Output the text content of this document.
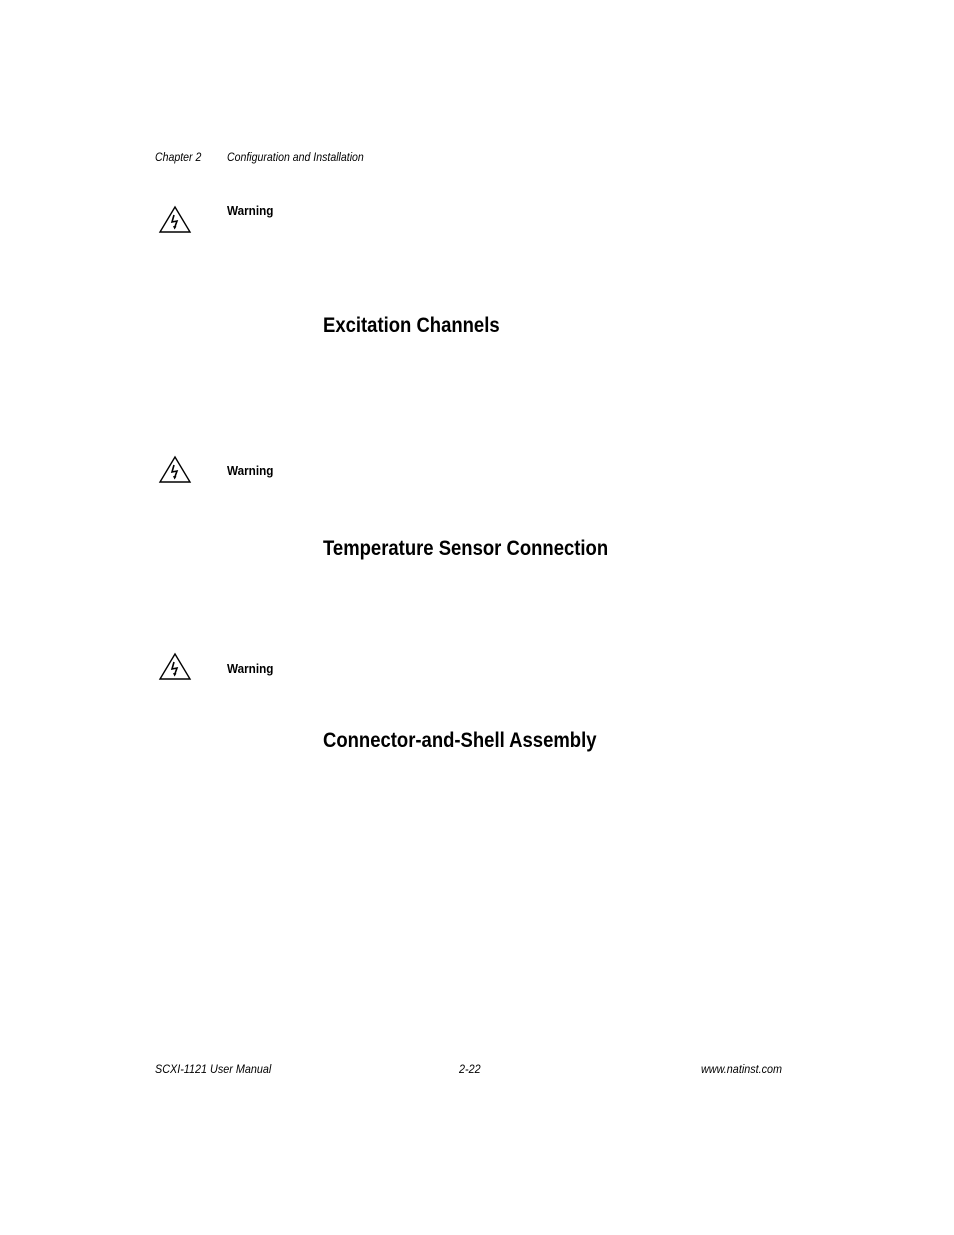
Chapter 2 Configuration and Installation
Warning
Excitation Channels
Warning
Temperature Sensor Connection
Warning
Connector-and-Shell Assembly
SCXI-1121 User Manual	2-22	www.natinst.com
